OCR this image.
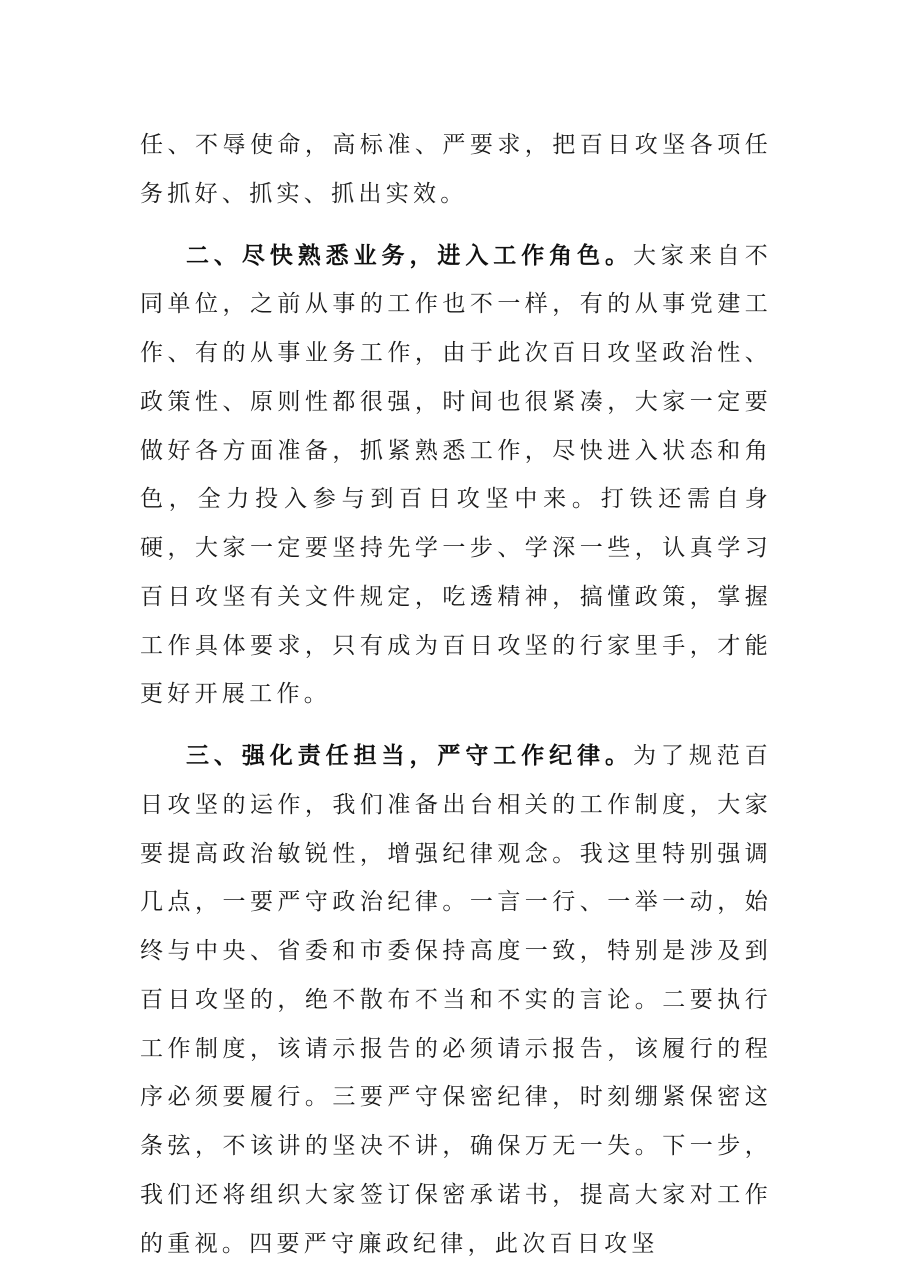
任、不辱使命，高标准、严要求，把百日攻坚各项任务抓好、抓实、抓出实效。

二、尽快熟悉业务，进入工作角色。大家来自不同单位，之前从事的工作也不一样，有的从事党建工作、有的从事业务工作，由于此次百日攻坚政治性、政策性、原则性都很强，时间也很紧凑，大家一定要做好各方面准备，抓紧熟悉工作，尽快进入状态和角色，全力投入参与到百日攻坚中来。打铁还需自身硬，大家一定要坚持先学一步、学深一些，认真学习百日攻坚有关文件规定，吃透精神，搞懂政策，掌握工作具体要求，只有成为百日攻坚的行家里手，才能更好开展工作。

三、强化责任担当，严守工作纪律。为了规范百日攻坚的运作，我们准备出台相关的工作制度，大家要提高政治敏锐性，增强纪律观念。我这里特别强调几点，一要严守政治纪律。一言一行、一举一动，始终与中央、省委和市委保持高度一致，特别是涉及到百日攻坚的，绝不散布不当和不实的言论。二要执行工作制度，该请示报告的必须请示报告，该履行的程序必须要履行。三要严守保密纪律，时刻绷紧保密这条弦，不该讲的坚决不讲，确保万无一失。下一步，我们还将组织大家签订保密承诺书，提高大家对工作的重视。四要严守廉政纪律，此次百日攻坚
